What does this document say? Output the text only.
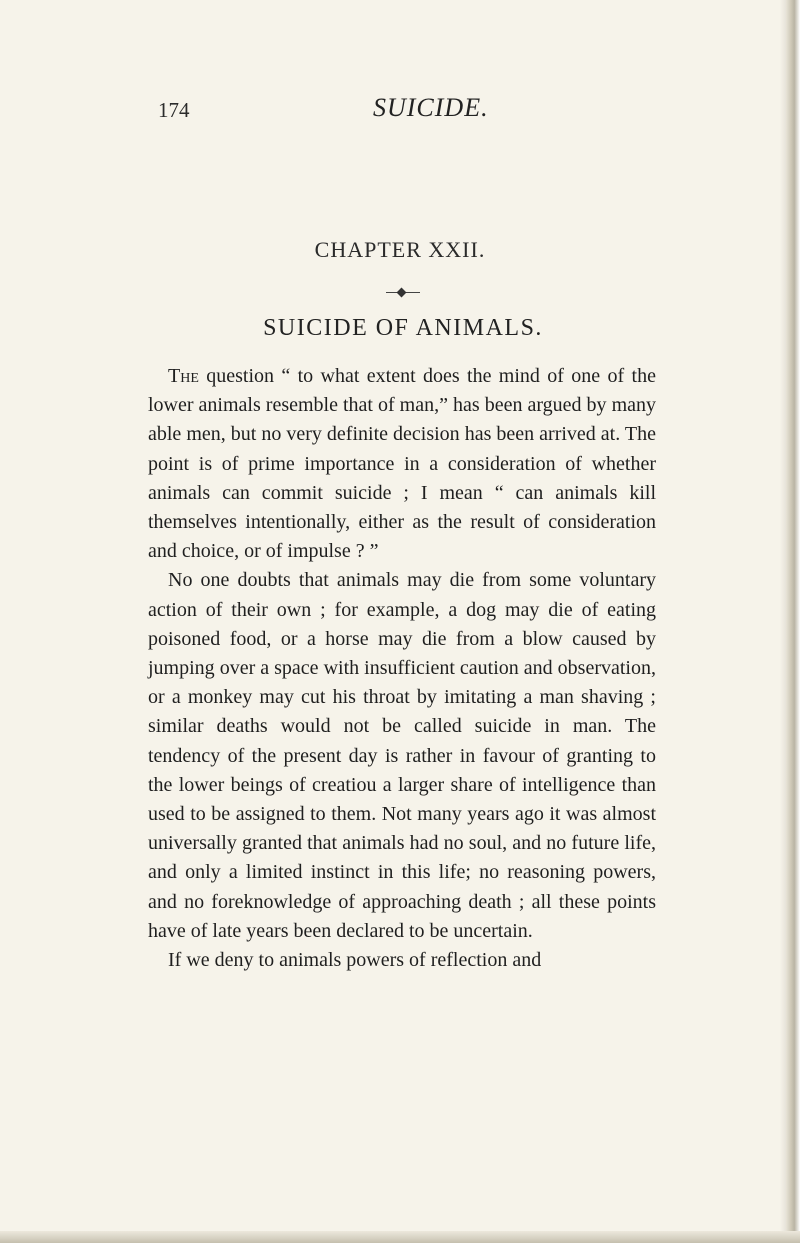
174	SUICIDE.
CHAPTER XXII.
SUICIDE OF ANIMALS.

The question “ to what extent does the mind of one of the lower animals resemble that of man,” has been argued by many able men, but no very definite decision has been arrived at. The point is of prime importance in a consideration of whether animals can commit suicide ; I mean “ can animals kill themselves intentionally, either as the result of consideration and choice, or of impulse ? ”

No one doubts that animals may die from some voluntary action of their own ; for example, a dog may die of eating poisoned food, or a horse may die from a blow caused by jumping over a space with insufficient caution and observation, or a monkey may cut his throat by imitating a man shaving ; similar deaths would not be called suicide in man. The tendency of the present day is rather in favour of granting to the lower beings of creatiou a larger share of intelligence than used to be assigned to them. Not many years ago it was almost universally granted that animals had no soul, and no future life, and only a limited instinct in this life; no reasoning powers, and no foreknowledge of approaching death ; all these points have of late years been declared to be uncertain.

If we deny to animals powers of reflection and
